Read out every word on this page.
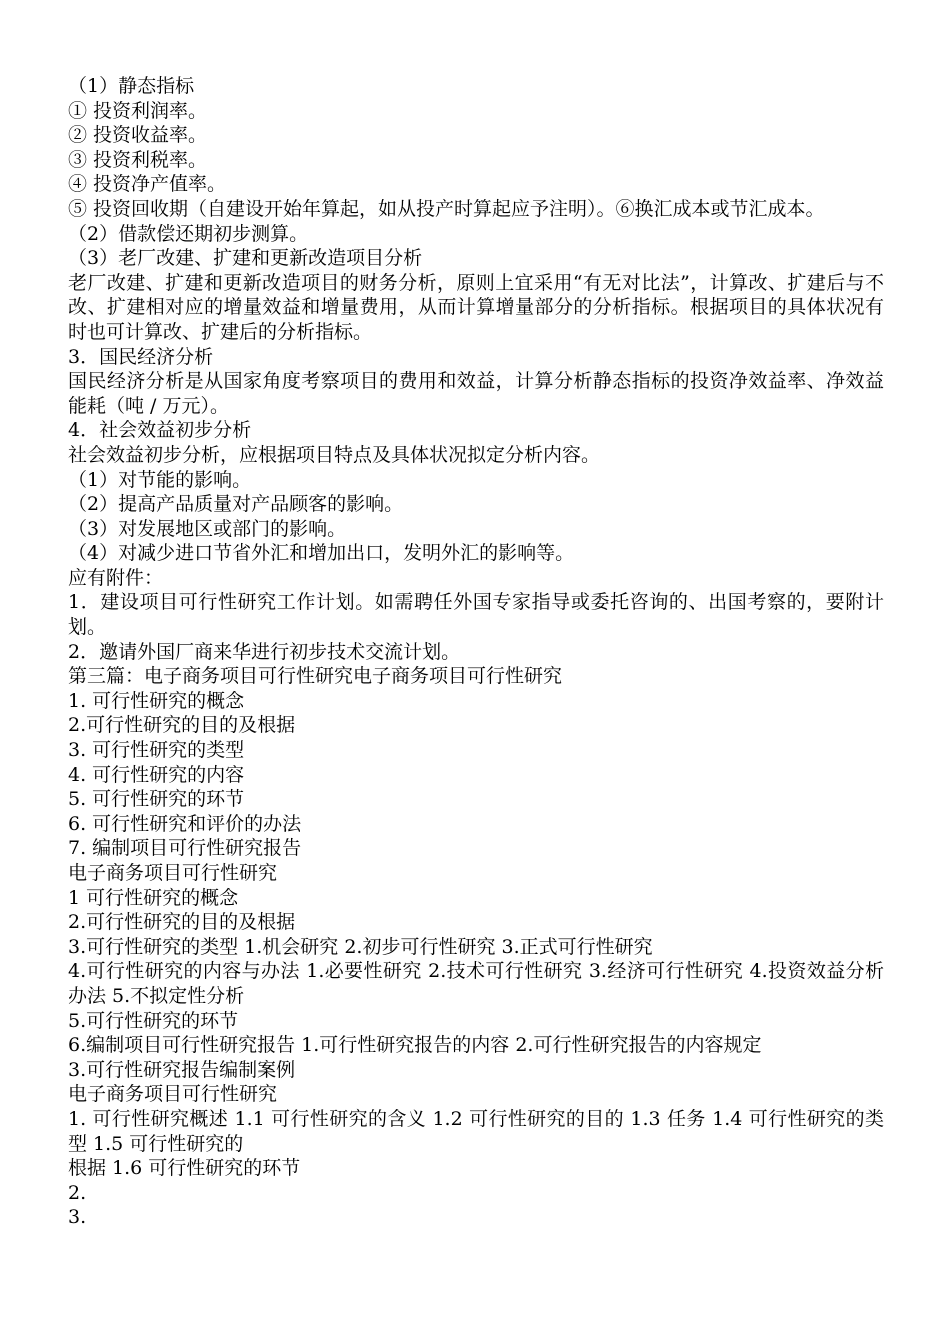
（1）静态指标
① 投资利润率。
② 投资收益率。
③ 投资利税率。
④ 投资净产值率。
⑤ 投资回收期（自建设开始年算起，如从投产时算起应予注明）。⑥换汇成本或节汇成本。
（2）借款偿还期初步测算。
（3）老厂改建、扩建和更新改造项目分析
老厂改建、扩建和更新改造项目的财务分析，原则上宜采用“有无对比法”，计算改、扩建后与不改、扩建相对应的增量效益和增量费用，从而计算增量部分的分析指标。根据项目的具体状况有时也可计算改、扩建后的分析指标。
3．国民经济分析
国民经济分析是从国家角度考察项目的费用和效益，计算分析静态指标的投资净效益率、净效益能耗（吨 / 万元）。
4．社会效益初步分析
社会效益初步分析，应根据项目特点及具体状况拟定分析内容。
（1）对节能的影响。
（2）提高产品质量对产品顾客的影响。
（3）对发展地区或部门的影响。
（4）对减少进口节省外汇和增加出口，发明外汇的影响等。
应有附件：
1．建设项目可行性研究工作计划。如需聘任外国专家指导或委托咨询的、出国考察的，要附计划。
2．邀请外国厂商来华进行初步技术交流计划。
第三篇：电子商务项目可行性研究电子商务项目可行性研究
1. 可行性研究的概念
2.可行性研究的目的及根据
3. 可行性研究的类型
4. 可行性研究的内容
5. 可行性研究的环节
6. 可行性研究和评价的办法
7. 编制项目可行性研究报告
电子商务项目可行性研究
1 可行性研究的概念
2.可行性研究的目的及根据
3.可行性研究的类型 1.机会研究 2.初步可行性研究 3.正式可行性研究
4.可行性研究的内容与办法 1.必要性研究 2.技术可行性研究 3.经济可行性研究 4.投资效益分析办法 5.不拟定性分析
5.可行性研究的环节
6.编制项目可行性研究报告 1.可行性研究报告的内容 2.可行性研究报告的内容规定
3.可行性研究报告编制案例
电子商务项目可行性研究
1. 可行性研究概述 1.1 可行性研究的含义 1.2 可行性研究的目的 1.3 任务 1.4 可行性研究的类型 1.5 可行性研究的
根据 1.6 可行性研究的环节
2.
3.
